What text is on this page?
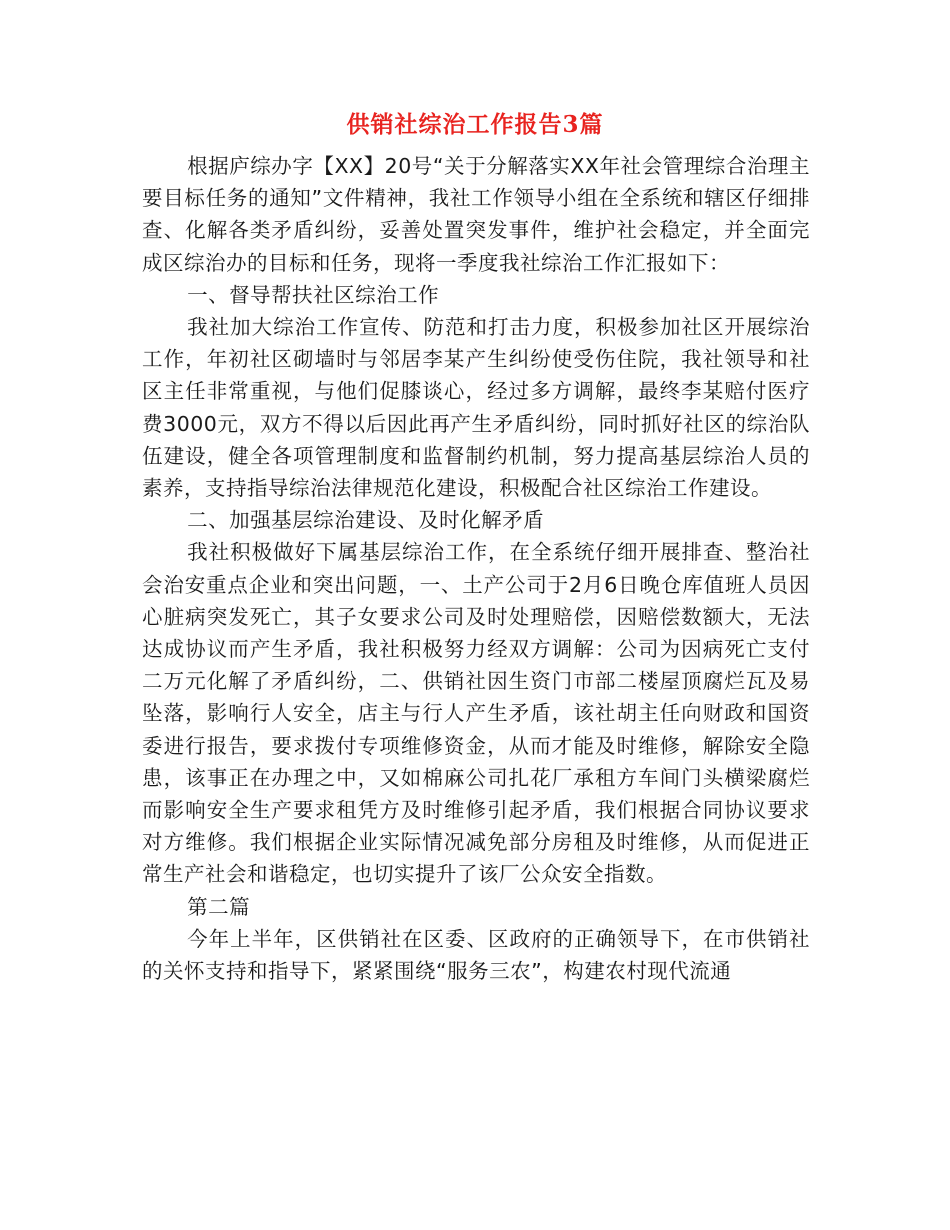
供销社综治工作报告3篇

根据庐综办字【XX】20号“关于分解落实XX年社会管理综合治理主要目标任务的通知”文件精神，我社工作领导小组在全系统和辖区仔细排查、化解各类矛盾纠纷，妥善处置突发事件，维护社会稳定，并全面完成区综治办的目标和任务，现将一季度我社综治工作汇报如下：

一、督导帮扶社区综治工作

我社加大综治工作宣传、防范和打击力度，积极参加社区开展综治工作，年初社区砌墙时与邻居李某产生纠纷使受伤住院，我社领导和社区主任非常重视，与他们促膝谈心，经过多方调解，最终李某赔付医疗费3000元，双方不得以后因此再产生矛盾纠纷，同时抓好社区的综治队伍建设，健全各项管理制度和监督制约机制，努力提高基层综治人员的素养，支持指导综治法律规范化建设，积极配合社区综治工作建设。

二、加强基层综治建设、及时化解矛盾

我社积极做好下属基层综治工作，在全系统仔细开展排查、整治社会治安重点企业和突出问题，一、土产公司于2月6日晚仓库值班人员因心脏病突发死亡，其子女要求公司及时处理赔偿，因赔偿数额大，无法达成协议而产生矛盾，我社积极努力经双方调解：公司为因病死亡支付二万元化解了矛盾纠纷，二、供销社因生资门市部二楼屋顶腐烂瓦及易坠落，影响行人安全，店主与行人产生矛盾，该社胡主任向财政和国资委进行报告，要求拨付专项维修资金，从而才能及时维修，解除安全隐患，该事正在办理之中，又如棉麻公司扎花厂承租方车间门头横梁腐烂而影响安全生产要求租凭方及时维修引起矛盾，我们根据合同协议要求对方维修。我们根据企业实际情况减免部分房租及时维修，从而促进正常生产社会和谐稳定，也切实提升了该厂公众安全指数。

第二篇

今年上半年，区供销社在区委、区政府的正确领导下，在市供销社的关怀支持和指导下，紧紧围绕“服务三农”，构建农村现代流通
